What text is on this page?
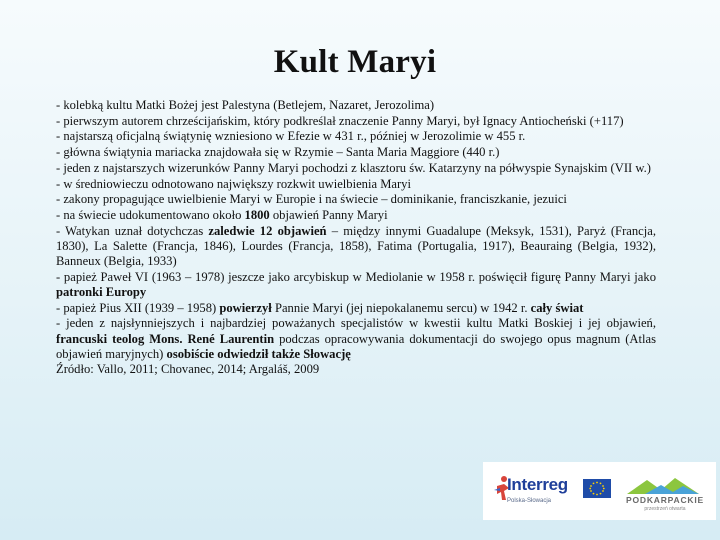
Kult Maryi

- kolebką kultu Matki Bożej jest Palestyna (Betlejem, Nazaret, Jerozolima)

- pierwszym autorem chrześcijańskim, który podkreślał znaczenie Panny Maryi, był Ignacy Antiocheński (+117)

- najstarszą oficjalną świątynię wzniesiono w Efezie w 431 r., później w Jerozolimie w 455 r.

- główna świątynia mariacka znajdowała się w Rzymie – Santa Maria Maggiore (440 r.)

- jeden z najstarszych wizerunków Panny Maryi pochodzi z klasztoru św. Katarzyny na półwyspie Synajskim (VII w.)

- w średniowieczu odnotowano największy rozkwit uwielbienia Maryi

- zakony propagujące uwielbienie Maryi w Europie i na świecie – dominikanie, franciszkanie, jezuici

- na świecie udokumentowano około 1800 objawień Panny Maryi

- Watykan uznał dotychczas zaledwie 12 objawień – między innymi Guadalupe (Meksyk, 1531), Paryż (Francja, 1830), La Salette (Francja, 1846), Lourdes (Francja, 1858), Fatima (Portugalia, 1917), Beauraing (Belgia, 1932), Banneux (Belgia, 1933)

- papież Paweł VI (1963 – 1978) jeszcze jako arcybiskup w Mediolanie w 1958 r. poświęcił figurę Panny Maryi jako patronki Europy

- papież Pius XII (1939 – 1958) powierzył Pannie Maryi (jej niepokalanemu sercu) w 1942 r. cały świat

- jeden z najsłynniejszych i najbardziej poważanych specjalistów w kwestii kultu Matki Boskiej i jej objawień, francuski teolog Mons. René Laurentin podczas opracowywania dokumentacji do swojego opus magnum (Atlas objawień maryjnych) osobiście odwiedził także Słowację

Źródło: Vallo, 2011; Chovanec, 2014; Argaláš, 2009

Interreg
Polska-Słowacja	PODKARPACKIE
przestrzeń otwarta
